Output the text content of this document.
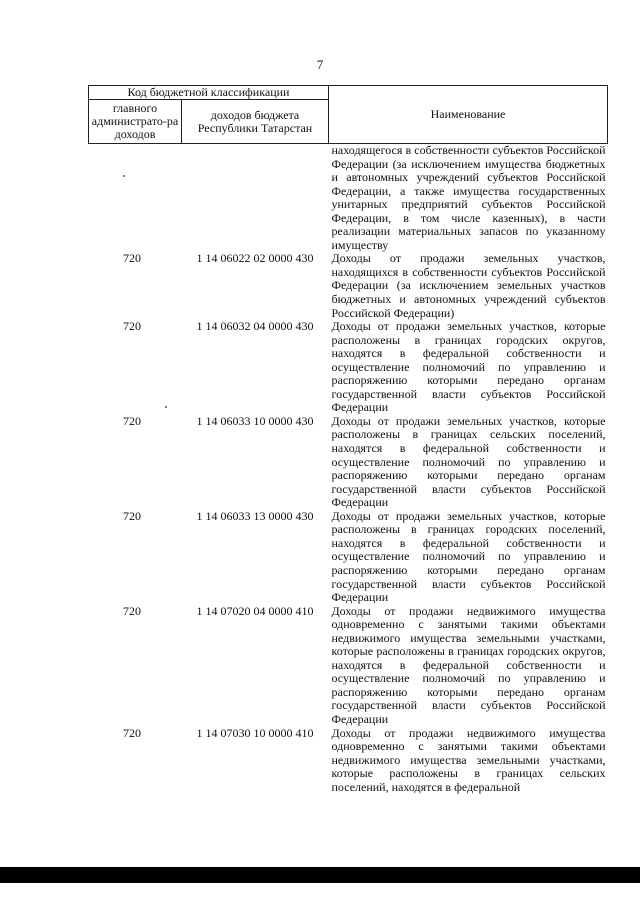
7
Код бюджетной классификации		Наименование
главного администрато-ра доходов	доходов бюджета Республики Татарстан	
		находящегося в собственности субъектов Российской Федерации (за исключением имущества бюджетных и автономных учреждений субъектов Российской Федерации, а также имущества государственных унитарных предприятий субъектов Российской Федерации, в том числе казенных), в части реализации материальных запасов по указанному имуществу
720	1 14 06022 02 0000 430	Доходы от продажи земельных участков, находящихся в собственности субъектов Российской Федерации (за исключением земельных участков бюджетных и автономных учреждений субъектов Российской Федерации)
720	1 14 06032 04 0000 430	Доходы от продажи земельных участков, которые расположены в границах городских округов, находятся в федеральной собственности и осуществление полномочий по управлению и распоряжению которыми передано органам государственной власти субъектов Российской Федерации
720	1 14 06033 10 0000 430	Доходы от продажи земельных участков, которые расположены в границах сельских поселений, находятся в федеральной собственности и осуществление полномочий по управлению и распоряжению которыми передано органам государственной власти субъектов Российской Федерации
720	1 14 06033 13 0000 430	Доходы от продажи земельных участков, которые расположены в границах городских поселений, находятся в федеральной собственности и осуществление полномочий по управлению и распоряжению которыми передано органам государственной власти субъектов Российской Федерации
720	1 14 07020 04 0000 410	Доходы от продажи недвижимого имущества одновременно с занятыми такими объектами недвижимого имущества земельными участками, которые расположены в границах городских округов, находятся в федеральной собственности и осуществление полномочий по управлению и распоряжению которыми передано органам государственной власти субъектов Российской Федерации
720	1 14 07030 10 0000 410	Доходы от продажи недвижимого имущества одновременно с занятыми такими объектами недвижимого имущества земельными участками, которые расположены в границах сельских поселений, находятся в федеральной
